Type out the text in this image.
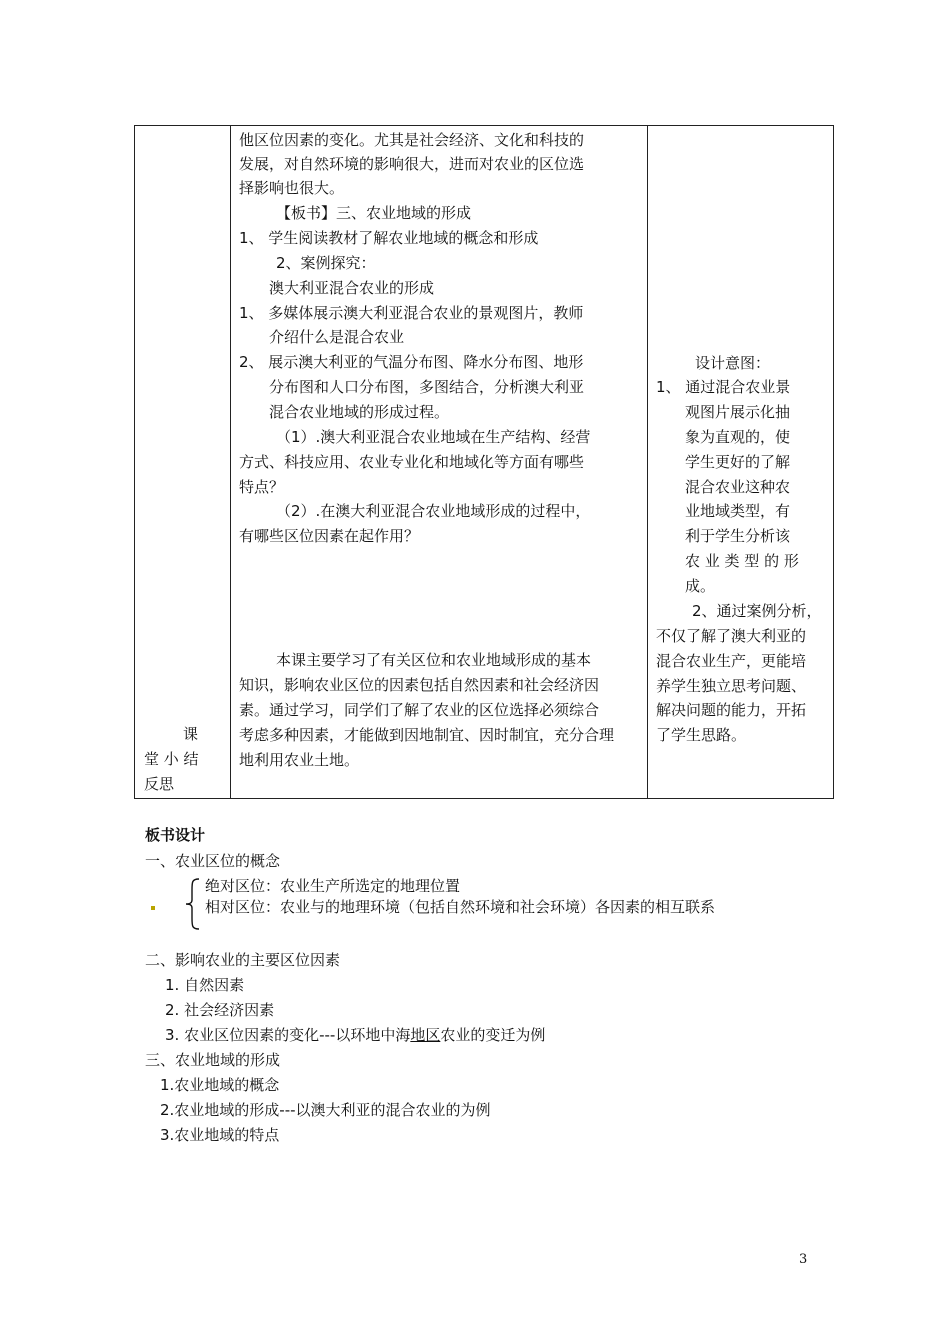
课
堂 小 结
反思
他区位因素的变化。尤其是社会经济、文化和科技的
发展，对自然环境的影响很大，进而对农业的区位选
择影响也很大。
【板书】三、农业地域的形成
1、 学生阅读教材了解农业地域的概念和形成
2、案例探究：
澳大利亚混合农业的形成
1、 多媒体展示澳大利亚混合农业的景观图片，教师
介绍什么是混合农业
2、 展示澳大利亚的气温分布图、降水分布图、地形
分布图和人口分布图，多图结合，分析澳大利亚
混合农业地域的形成过程。
（1）.澳大利亚混合农业地域在生产结构、经营
方式、科技应用、农业专业化和地域化等方面有哪些
特点？
（2）.在澳大利亚混合农业地域形成的过程中，
有哪些区位因素在起作用？
本课主要学习了有关区位和农业地域形成的基本
知识，影响农业区位的因素包括自然因素和社会经济因
素。通过学习，同学们了解了农业的区位选择必须综合
考虑多种因素，才能做到因地制宜、因时制宜，充分合理
地利用农业土地。
设计意图：
1、 通过混合农业景
观图片展示化抽
象为直观的，使
学生更好的了解
混合农业这种农
业地域类型，有
利于学生分析该
农 业 类 型 的 形
成。
2、通过案例分析，
不仅了解了澳大利亚的
混合农业生产，更能培
养学生独立思考问题、
解决问题的能力，开拓
了学生思路。
板书设计
一、农业区位的概念
绝对区位：农业生产所选定的地理位置
相对区位：农业与的地理环境（包括自然环境和社会环境）各因素的相互联系
二、影响农业的主要区位因素
1. 自然因素
2. 社会经济因素
3. 农业区位因素的变化---以环地中海地区农业的变迁为例
三、农业地域的形成
1.农业地域的概念
2.农业地域的形成---以澳大利亚的混合农业的为例
3.农业地域的特点
3
